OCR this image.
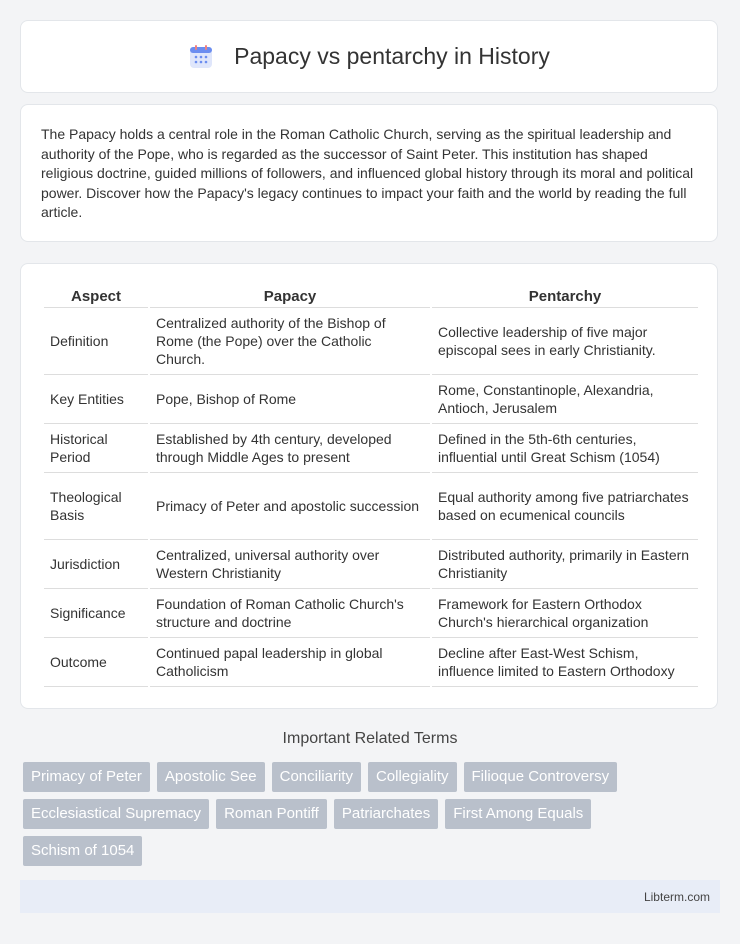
Papacy vs pentarchy in History

The Papacy holds a central role in the Roman Catholic Church, serving as the spiritual leadership and authority of the Pope, who is regarded as the successor of Saint Peter. This institution has shaped religious doctrine, guided millions of followers, and influenced global history through its moral and political power. Discover how the Papacy's legacy continues to impact your faith and the world by reading the full article.

Aspect	Papacy	Pentarchy
Definition	Centralized authority of the Bishop of Rome (the Pope) over the Catholic Church.	Collective leadership of five major episcopal sees in early Christianity.
Key Entities	Pope, Bishop of Rome	Rome, Constantinople, Alexandria, Antioch, Jerusalem
Historical Period	Established by 4th century, developed through Middle Ages to present	Defined in the 5th-6th centuries, influential until Great Schism (1054)
Theological Basis	Primacy of Peter and apostolic succession	Equal authority among five patriarchates based on ecumenical councils
Jurisdiction	Centralized, universal authority over Western Christianity	Distributed authority, primarily in Eastern Christianity
Significance	Foundation of Roman Catholic Church's structure and doctrine	Framework for Eastern Orthodox Church's hierarchical organization
Outcome	Continued papal leadership in global Catholicism	Decline after East-West Schism, influence limited to Eastern Orthodoxy
Important Related Terms
Primacy of Peter	Apostolic See	Conciliarity	Collegiality	Filioque Controversy
Ecclesiastical Supremacy	Roman Pontiff	Patriarchates	First Among Equals
Schism of 1054
Libterm.com
